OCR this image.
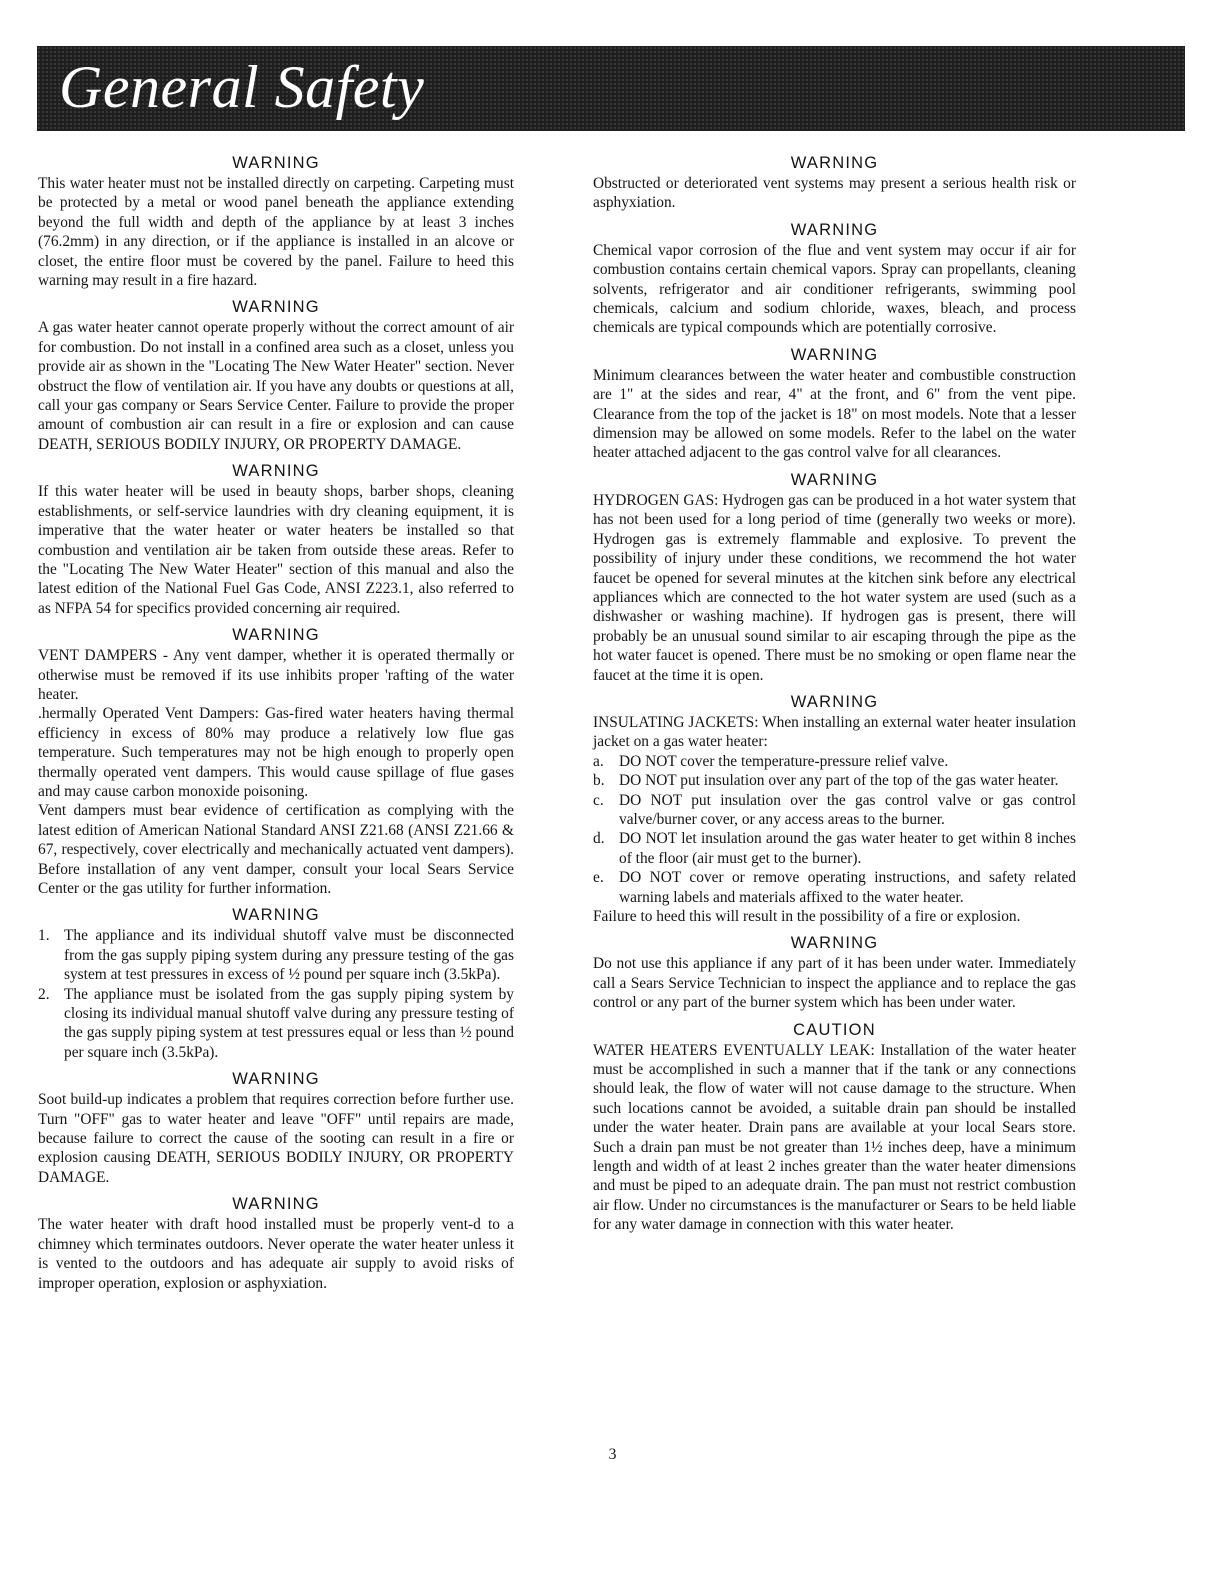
General Safety
WARNING

This water heater must not be installed directly on carpeting. Carpeting must be protected by a metal or wood panel beneath the appliance extending beyond the full width and depth of the appliance by at least 3 inches (76.2mm) in any direction, or if the appliance is installed in an alcove or closet, the entire floor must be covered by the panel. Failure to heed this warning may result in a fire hazard.

WARNING

A gas water heater cannot operate properly without the correct amount of air for combustion. Do not install in a confined area such as a closet, unless you provide air as shown in the "Locating The New Water Heater" section. Never obstruct the flow of ventilation air. If you have any doubts or questions at all, call your gas company or Sears Service Center. Failure to provide the proper amount of combustion air can result in a fire or explosion and can cause DEATH, SERIOUS BODILY INJURY, OR PROPERTY DAMAGE.

WARNING

If this water heater will be used in beauty shops, barber shops, cleaning establishments, or self-service laundries with dry cleaning equipment, it is imperative that the water heater or water heaters be installed so that combustion and ventilation air be taken from outside these areas. Refer to the "Locating The New Water Heater" section of this manual and also the latest edition of the National Fuel Gas Code, ANSI Z223.1, also referred to as NFPA 54 for specifics provided concerning air required.

WARNING

VENT DAMPERS - Any vent damper, whether it is operated thermally or otherwise must be removed if its use inhibits proper 'rafting of the water heater.

.hermally Operated Vent Dampers: Gas-fired water heaters having thermal efficiency in excess of 80% may produce a relatively low flue gas temperature. Such temperatures may not be high enough to properly open thermally operated vent dampers. This would cause spillage of flue gases and may cause carbon monoxide poisoning.

Vent dampers must bear evidence of certification as complying with the latest edition of American National Standard ANSI Z21.68 (ANSI Z21.66 & 67, respectively, cover electrically and mechanically actuated vent dampers). Before installation of any vent damper, consult your local Sears Service Center or the gas utility for further information.

WARNING
1. The appliance and its individual shutoff valve must be disconnected from the gas supply piping system during any pressure testing of the gas system at test pressures in excess of ½ pound per square inch (3.5kPa).
2. The appliance must be isolated from the gas supply piping system by closing its individual manual shutoff valve during any pressure testing of the gas supply piping system at test pressures equal or less than ½ pound per square inch (3.5kPa).
WARNING

Soot build-up indicates a problem that requires correction before further use. Turn "OFF" gas to water heater and leave "OFF" until repairs are made, because failure to correct the cause of the sooting can result in a fire or explosion causing DEATH, SERIOUS BODILY INJURY, OR PROPERTY DAMAGE.

WARNING

The water heater with draft hood installed must be properly vent-d to a chimney which terminates outdoors. Never operate the water heater unless it is vented to the outdoors and has adequate air supply to avoid risks of improper operation, explosion or asphyxiation.

WARNING

Obstructed or deteriorated vent systems may present a serious health risk or asphyxiation.

WARNING

Chemical vapor corrosion of the flue and vent system may occur if air for combustion contains certain chemical vapors. Spray can propellants, cleaning solvents, refrigerator and air conditioner refrigerants, swimming pool chemicals, calcium and sodium chloride, waxes, bleach, and process chemicals are typical compounds which are potentially corrosive.

WARNING

Minimum clearances between the water heater and combustible construction are 1" at the sides and rear, 4" at the front, and 6" from the vent pipe. Clearance from the top of the jacket is 18" on most models. Note that a lesser dimension may be allowed on some models. Refer to the label on the water heater attached adjacent to the gas control valve for all clearances.

WARNING

HYDROGEN GAS: Hydrogen gas can be produced in a hot water system that has not been used for a long period of time (generally two weeks or more). Hydrogen gas is extremely flammable and explosive. To prevent the possibility of injury under these conditions, we recommend the hot water faucet be opened for several minutes at the kitchen sink before any electrical appliances which are connected to the hot water system are used (such as a dishwasher or washing machine). If hydrogen gas is present, there will probably be an unusual sound similar to air escaping through the pipe as the hot water faucet is opened. There must be no smoking or open flame near the faucet at the time it is open.

WARNING

INSULATING JACKETS: When installing an external water heater insulation jacket on a gas water heater:

a. DO NOT cover the temperature-pressure relief valve.
b. DO NOT put insulation over any part of the top of the gas water heater.
c. DO NOT put insulation over the gas control valve or gas control valve/burner cover, or any access areas to the burner.
d. DO NOT let insulation around the gas water heater to get within 8 inches of the floor (air must get to the burner).
e. DO NOT cover or remove operating instructions, and safety related warning labels and materials affixed to the water heater.

Failure to heed this will result in the possibility of a fire or explosion.

WARNING

Do not use this appliance if any part of it has been under water. Immediately call a Sears Service Technician to inspect the appliance and to replace the gas control or any part of the burner system which has been under water.

CAUTION

WATER HEATERS EVENTUALLY LEAK: Installation of the water heater must be accomplished in such a manner that if the tank or any connections should leak, the flow of water will not cause damage to the structure. When such locations cannot be avoided, a suitable drain pan should be installed under the water heater. Drain pans are available at your local Sears store. Such a drain pan must be not greater than 1½ inches deep, have a minimum length and width of at least 2 inches greater than the water heater dimensions and must be piped to an adequate drain. The pan must not restrict combustion air flow. Under no circumstances is the manufacturer or Sears to be held liable for any water damage in connection with this water heater.

3
